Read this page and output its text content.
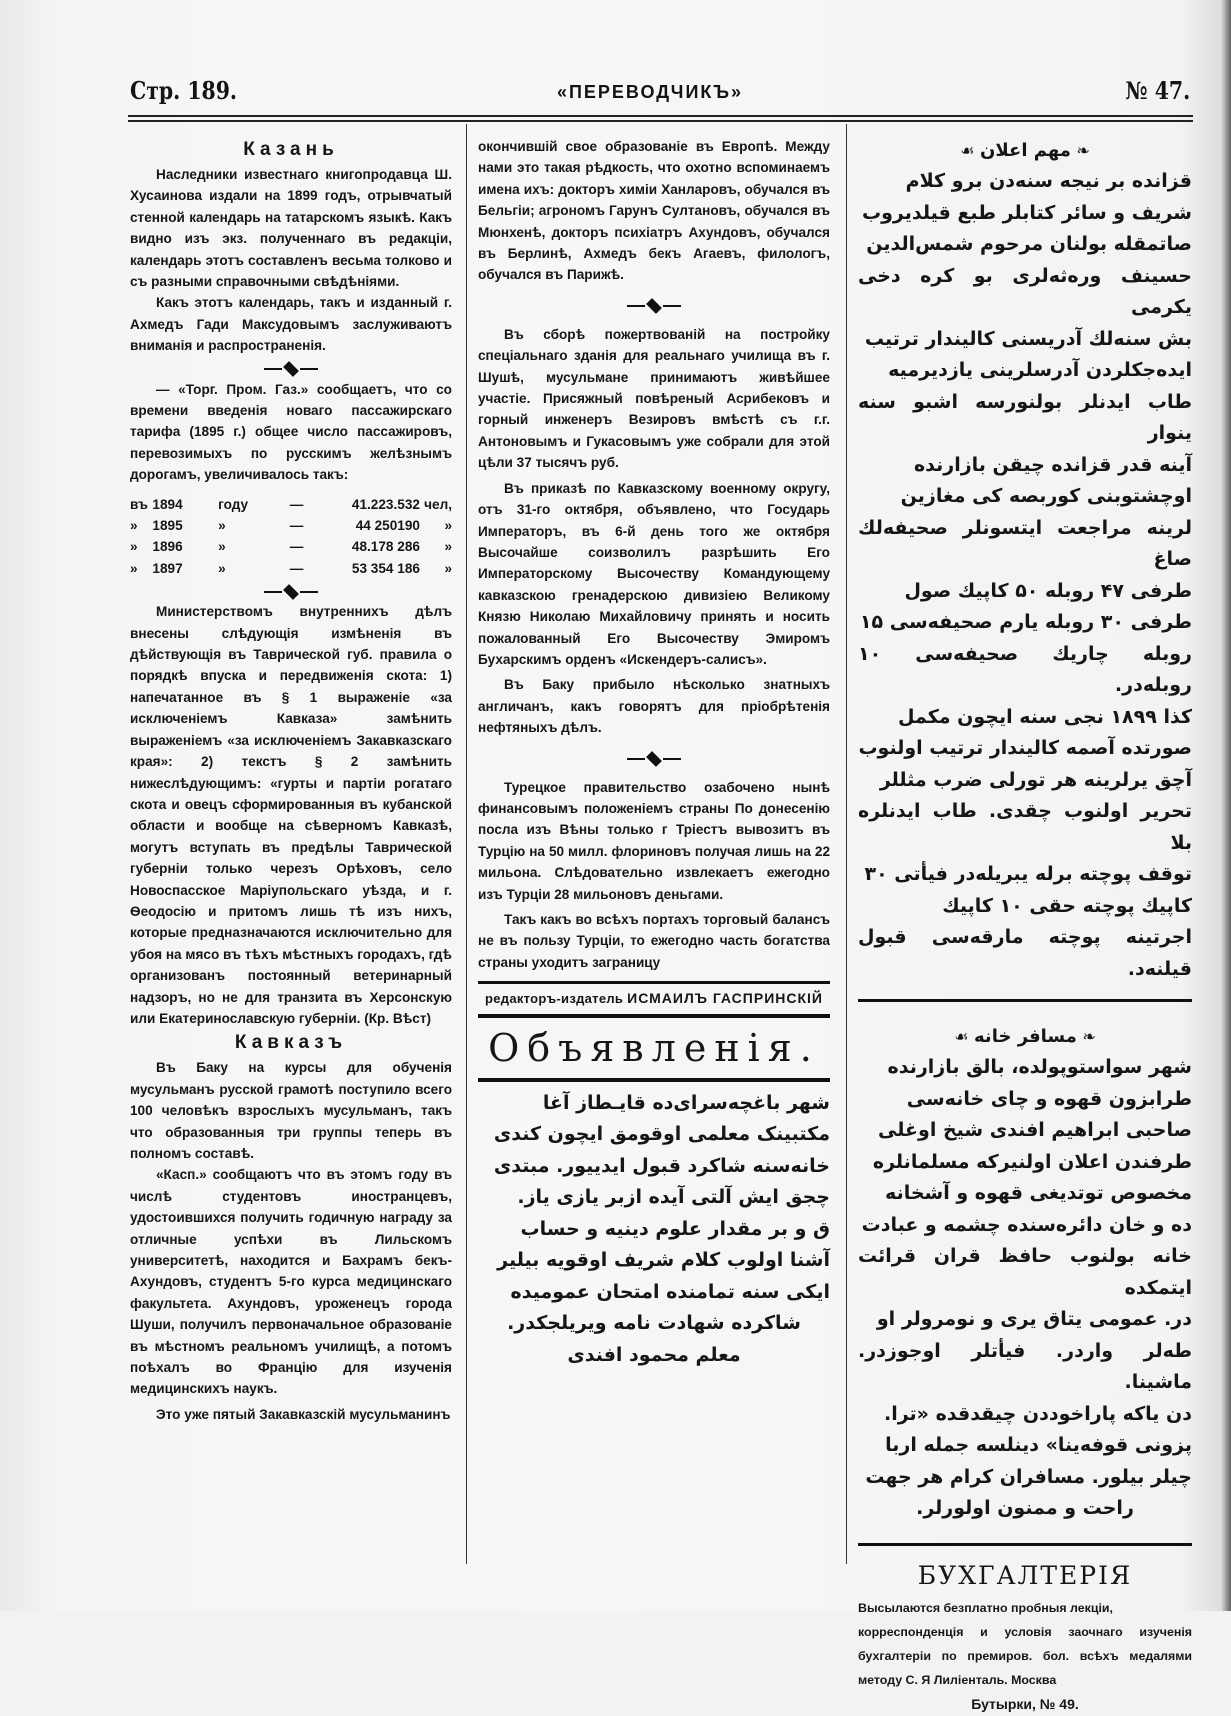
Стр. 189.	«ПЕРЕВОДЧИКЪ»	№ 47.
Казань

Наследники известнаго книгопродавца Ш. Хусаинова издали на 1899 годъ, отрывчатый стенной календарь на татарскомъ языкѣ. Какъ видно изъ экз. полученнаго въ редакціи, календарь этотъ составленъ весьма толково и съ разными справочными свѣдѣніями.

Какъ этотъ календарь, такъ и изданный г. Ахмедъ Гади Максудовымъ заслуживаютъ вниманія и распространенія.

— «Торг. Пром. Газ.» сообщаетъ, что со времени введенія новаго пассажирскаго тарифа (1895 г.) общее число пассажировъ, перевозимыхъ по русскимъ желѣзнымъ дорогамъ, увеличивалось такъ:

въ 1894	году	—	41.223.532 чел,
»	1895	»	—	44 250190	»
»	1896	»	—	48.178 286	»
»	1897	»	—	53 354 186	»

Министерствомъ внутреннихъ дѣлъ внесены слѣдующія измѣненія въ дѣйствующія въ Таврической губ. правила о порядкѣ впуска и передвиженія скота: 1) напечатанное въ § 1 выраженіе «за исключеніемъ Кавказа» замѣнить выраженіемъ «за исключеніемъ Закавказскаго края»: 2) текстъ § 2 замѣнить нижеслѣдующимъ: «гурты и партіи рогатаго скота и овецъ сформированныя въ кубанской области и вообще на сѣверномъ Кавказѣ, могутъ вступать въ предѣлы Таврической губерніи только черезъ Орѣховъ, село Новоспасское Маріупольскаго уѣзда, и г. Ѳеодосію и притомъ лишь тѣ изъ нихъ, которые предназначаются исключительно для убоя на мясо въ тѣхъ мѣстныхъ городахъ, гдѣ организованъ постоянный ветеринарный надзоръ, но не для транзита въ Херсонскую или Екатеринославскую губерніи. (Кр. Вѣст)

Кавказъ

Въ Баку на курсы для обученія мусульманъ русской грамотѣ поступило всего 100 человѣкъ взрослыхъ мусульманъ, такъ что образованныя три группы теперь въ полномъ составѣ.

«Касп.» сообщаютъ что въ этомъ году въ числѣ студентовъ иностранцевъ, удостоившихся получить годичную награду за отличные успѣхи въ Лильскомъ университетѣ, находится и Бахрамъ бекъ-Ахундовъ, студентъ 5-го курса медицинскаго факультета. Ахундовъ, уроженецъ города Шуши, получилъ первоначальное образованіе въ мѣстномъ реальномъ училищѣ, а потомъ поѣхалъ во Францію для изученія медицинскихъ наукъ.

Это уже пятый Закавказскій мусульманинъ

окончившій свое образованіе въ Европѣ. Между нами это такая рѣдкость, что охотно вспоминаемъ имена ихъ: докторъ химіи Ханларовъ, обучался въ Бельгіи; агрономъ Гарунъ Султановъ, обучался въ Мюнхенѣ, докторъ психіатръ Ахундовъ, обучался въ Берлинѣ, Ахмедъ бекъ Агаевъ, филологъ, обучался въ Парижѣ.

Въ сборѣ пожертвованій на постройку спеціальнаго зданія для реальнаго училища въ г. Шушѣ, мусульмане принимаютъ живѣйшее участіе. Присяжный повѣреный Асрибековъ и горный инженеръ Везировъ вмѣстѣ съ г.г. Антоновымъ и Гукасовымъ уже собрали для этой цѣли 37 тысячъ руб.

Въ приказѣ по Кавказскому военному округу, отъ 31-го октября, объявлено, что Государь Императоръ, въ 6-й день того же октября Высочайше соизволилъ разрѣшить Его Императорскому Высочеству Командующему кавказскою гренадерскою дивизіею Великому Князю Николаю Михайловичу принять и носить пожалованный Его Высочеству Эмиромъ Бухарскимъ орденъ «Искендеръ-салисъ».

Въ Баку прибыло нѣсколько знатныхъ англичанъ, какъ говорятъ для пріобрѣтенія нефтяныхъ дѣлъ.

Турецкое правительство озабочено нынѣ финансовымъ положеніемъ страны По донесенію посла изъ Вѣны только г Тріестъ вывозитъ въ Турцію на 50 милл. флориновъ получая лишь на 22 мильона. Слѣдовательно извлекаетъ ежегодно изъ Турціи 28 мильоновъ деньгами.

Такъ какъ во всѣхъ портахъ торговый балансъ не въ пользу Турціи, то ежегодно часть богатства страны уходитъ заграницу

редакторъ-издатель ИСМАИЛЪ ГАСПРИНСКІЙ
Объявленія.

شهر باغچه‌سرای‌ده قایـطاز آغا

مکتبینک معلمی اوقومق ایچون کندی

خانه‌سنه شاکرد قبول ایدییور. مبتدی

چجق ایش آلتی آیده ازبر یازی یاز.

ق و بر مقدار علوم دینیه و حساب

آشنا اولوب کلام شریف اوقویه بیلیر

ایکی سنه تمامنده امتحان عمومیده

شاکرده شهادت نامه ویریلجکدر.

معلم محمود افندی

❧ مهم اعلان ☙

قزانده بر نیجه سنه‌دن برو کلام

شریف و سائر کتابلر طبع قیلدیروب

صاتمقله بولنان مرحوم شمس‌الدین

حسینف وره‌ثه‌لری بو کره دخی یکرمی

بش سنه‌لك آدریسنی کالیندار ترتیب

ایده‌جکلردن آدرسلرینی یازدیرمیه

طاب ایدنلر بولنورسه اشبو سنه ینوار

آینه قدر قزانده چیقن بازارنده

اوچشتوبنی کوربصه کی مغازین

لرینه مراجعت ایتسونلر صحیفه‌لك صاغ

طرفی ۴۷ روبله ۵۰ کاپیك صول

طرفی ۳۰ روبله یارم صحیفه‌سی ۱۵

روبله چاریك صحیفه‌سی ۱۰ روبله‌در.

کذا ۱۸۹۹ نجی سنه ایچون مکمل

صورتده آصمه کالیندار ترتیب اولنوب

آچق یرلرینه هر تورلی ضرب مثللر

تحریر اولنوب چقدی. طاب ایدنلره بلا

توقف پوچته برله یبریله‌در فیأتی ۳۰

کاپیك پوچته حقی ۱۰ کاپیك

اجرتینه پوچته مارقه‌سی قبول قیلنه‌د.

❧ مسافر خانه ☙

شهر سواستوپولده، بالق بازارنده

طرابزون قهوه و چای خانه‌سی

صاحبی ابراهیم افندی شیخ اوغلی

طرفندن اعلان اولنیرکه مسلمانلره

مخصوص توتدیغی قهوه و آشخانه

ده و خان دائره‌سنده چشمه و عبادت

خانه بولنوب حافظ قران قرائت ایتمکده

در. عمومی یتاق یری و نومرولر او

طه‌لر واردر. فیأتلر اوجوزدر. ماشینا.

دن یاکه پاراخوددن چیقدقده «ترا.

پزونی قوفه‌ینا» دینلسه جمله اربا

چیلر بیلور. مسافران کرام هر جهت

راحت و ممنون اولورلر.

БУХГАЛТЕРІЯ

Высылаются безплатно пробныя лекціи,

корреспонденція и условія заочнаго изученія бухгалтеріи по премиров. бол. всѣхъ медалями методу С. Я Лиліенталь. Москва

Бутырки, № 49.
